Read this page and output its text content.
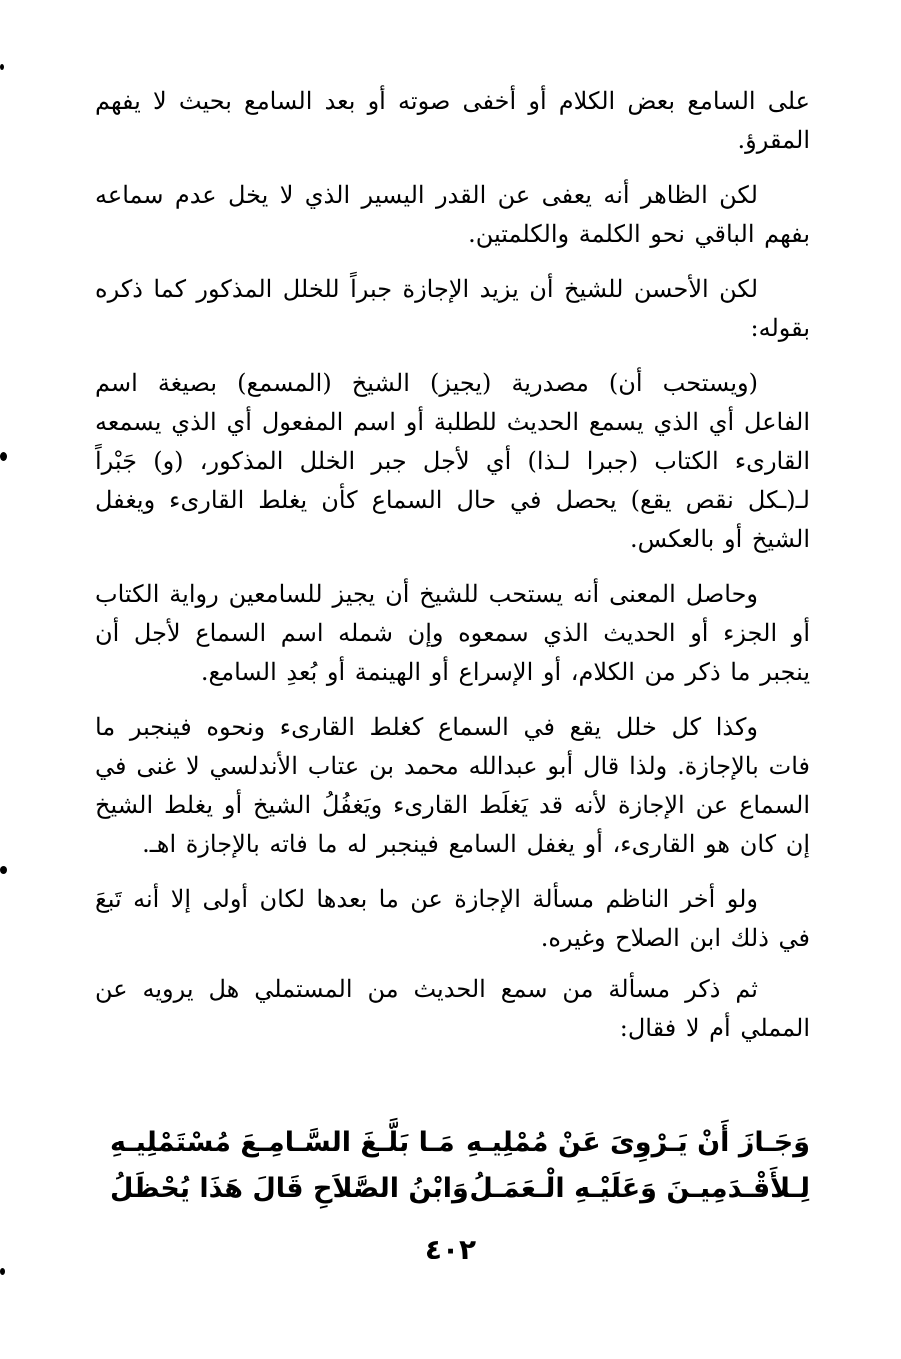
على السامع بعض الكلام أو أخفى صوته أو بعد السامع بحيث لا يفهم المقرؤ.

لكن الظاهر أنه يعفى عن القدر اليسير الذي لا يخل عدم سماعه بفهم الباقي نحو الكلمة والكلمتين.

لكن الأحسن للشيخ أن يزيد الإجازة جبراً للخلل المذكور كما ذكره بقوله:

(ويستحب أن) مصدرية (يجيز) الشيخ (المسمع) بصيغة اسم الفاعل أي الذي يسمع الحديث للطلبة أو اسم المفعول أي الذي يسمعه القارىء الكتاب (جبرا لـذا) أي لأجل جبر الخلل المذكور، (و) جَبْراً لـ(ـكل نقص يقع) يحصل في حال السماع كأن يغلط القارىء ويغفل الشيخ أو بالعكس.

وحاصل المعنى أنه يستحب للشيخ أن يجيز للسامعين رواية الكتاب أو الجزء أو الحديث الذي سمعوه وإن شمله اسم السماع لأجل أن ينجبر ما ذكر من الكلام، أو الإسراع أو الهينمة أو بُعدِ السامع.

وكذا كل خلل يقع في السماع كغلط القارىء ونحوه فينجبر ما فات بالإجازة. ولذا قال أبو عبدالله محمد بن عتاب الأندلسي لا غنى في السماع عن الإجازة لأنه قد يَغلَط القارىء ويَغفُلُ الشيخ أو يغلط الشيخ إن كان هو القارىء، أو يغفل السامع فينجبر له ما فاته بالإجازة اهـ.

ولو أخر الناظم مسألة الإجازة عن ما بعدها لكان أولى إلا أنه تَبعَ في ذلك ابن الصلاح وغيره.

ثم ذكر مسألة من سمع الحديث من المستملي هل يرويه عن المملي أم لا فقال:

وَجَـازَ أَنْ يَـرْوِىَ عَنْ مُمْلِيـهِ
مَـا بَلَّـغَ السَّـامِـعَ مُسْتَمْلِيـهِ
لِـلأَقْـدَمِيـنَ وَعَلَيْـهِ الْـعَمَـلُ
وَابْنُ الصَّلاَحِ قَالَ هَذَا يُحْظَلُ
٤٠٢
